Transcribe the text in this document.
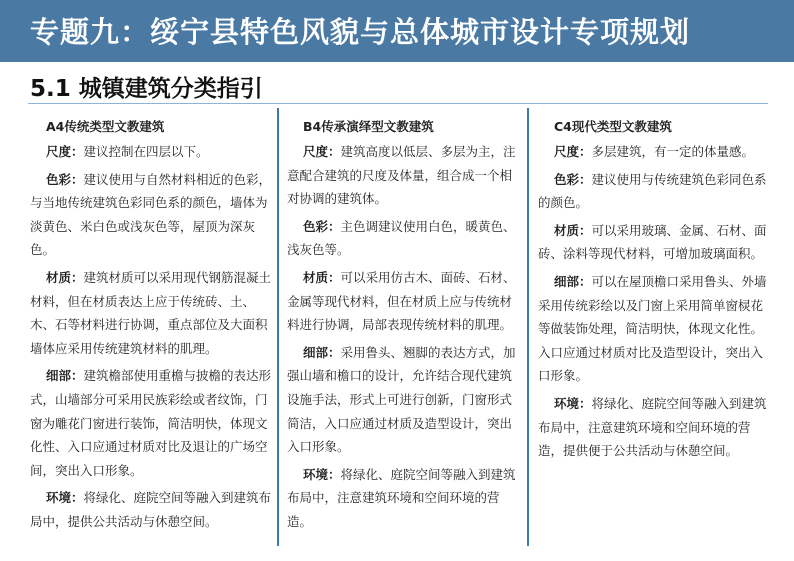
专题九：绥宁县特色风貌与总体城市设计专项规划
5.1 城镇建筑分类指引
A4传统类型文教建筑

尺度：建议控制在四层以下。

色彩：建议使用与自然材料相近的色彩，与当地传统建筑色彩同色系的颜色，墙体为淡黄色、米白色或浅灰色等，屋顶为深灰色。

材质：建筑材质可以采用现代钢筋混凝土材料，但在材质表达上应于传统砖、土、木、石等材料进行协调，重点部位及大面积墙体应采用传统建筑材料的肌理。

细部：建筑檐部使用重檐与披檐的表达形式，山墙部分可采用民族彩绘或者纹饰，门窗为雕花门窗进行装饰，简洁明快，体现文化性、入口应通过材质对比及退让的广场空间，突出入口形象。

环境：将绿化、庭院空间等融入到建筑布局中，提供公共活动与休憩空间。

B4传承演绎型文教建筑

尺度：建筑高度以低层、多层为主，注意配合建筑的尺度及体量，组合成一个相对协调的建筑体。

色彩：主色调建议使用白色，暖黄色、浅灰色等。

材质：可以采用仿古木、面砖、石材、金属等现代材料，但在材质上应与传统材料进行协调，局部表现传统材料的肌理。

细部：采用鲁头、翘脚的表达方式，加强山墙和檐口的设计，允许结合现代建筑设施手法，形式上可进行创新，门窗形式简洁，入口应通过材质及造型设计，突出入口形象。

环境：将绿化、庭院空间等融入到建筑布局中，注意建筑环境和空间环境的营造。

C4现代类型文教建筑

尺度：多层建筑，有一定的体量感。

色彩：建议使用与传统建筑色彩同色系的颜色。

材质：可以采用玻璃、金属、石材、面砖、涂料等现代材料，可增加玻璃面积。

细部：可以在屋顶檐口采用鲁头、外墙采用传统彩绘以及门窗上采用简单窗棂花等做装饰处理，简洁明快，体现文化性。入口应通过材质对比及造型设计，突出入口形象。

环境：将绿化、庭院空间等融入到建筑布局中，注意建筑环境和空间环境的营造，提供便于公共活动与休憩空间。
